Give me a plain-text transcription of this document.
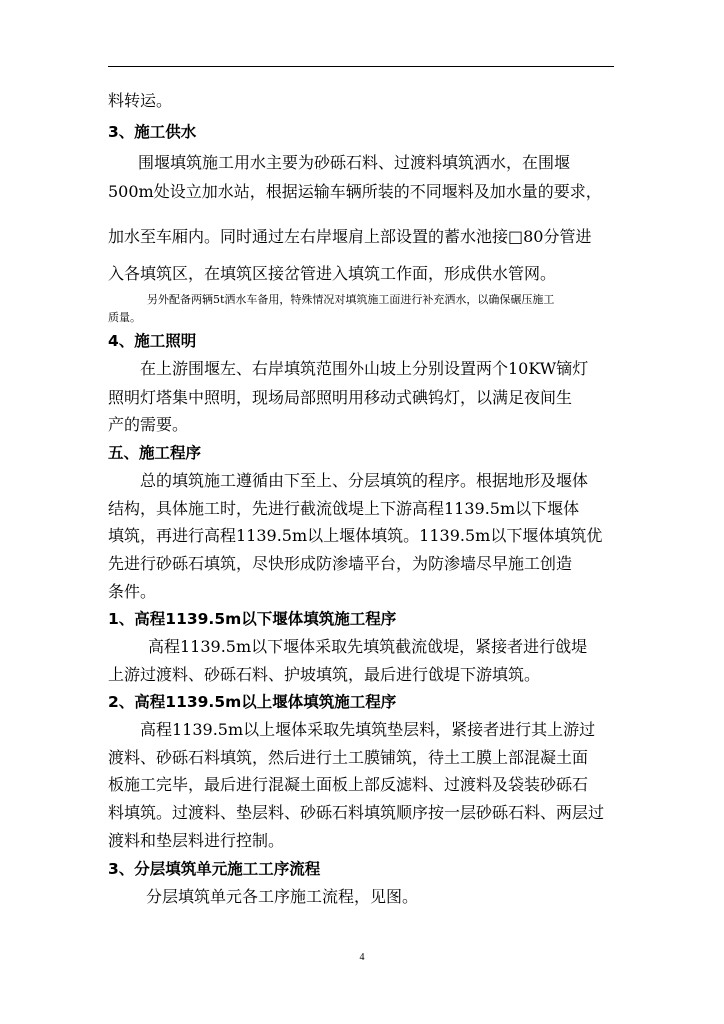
料转运。
3、施工供水
围堰填筑施工用水主要为砂砾石料、过渡料填筑洒水，在围堰
500m处设立加水站，根据运输车辆所装的不同堰料及加水量的要求，
加水至车厢内。同时通过左右岸堰肩上部设置的蓄水池接□80分管进
入各填筑区，在填筑区接岔管进入填筑工作面，形成供水管网。
另外配备两辆5t洒水车备用，特殊情况对填筑施工面进行补充洒水，以确保碾压施工
质量。
4、施工照明
在上游围堰左、右岸填筑范围外山坡上分别设置两个10KW镝灯
照明灯塔集中照明，现场局部照明用移动式碘钨灯，以满足夜间生
产的需要。
五、施工程序
总的填筑施工遵循由下至上、分层填筑的程序。根据地形及堰体
结构，具体施工时，先进行截流戗堤上下游高程1139.5m以下堰体
填筑，再进行高程1139.5m以上堰体填筑。1139.5m以下堰体填筑优
先进行砂砾石填筑，尽快形成防渗墙平台，为防渗墙尽早施工创造
条件。
1、高程1139.5m以下堰体填筑施工程序
高程1139.5m以下堰体采取先填筑截流戗堤，紧接者进行戗堤
上游过渡料、砂砾石料、护坡填筑，最后进行戗堤下游填筑。
2、高程1139.5m以上堰体填筑施工程序
高程1139.5m以上堰体采取先填筑垫层料，紧接者进行其上游过
渡料、砂砾石料填筑，然后进行土工膜铺筑，待土工膜上部混凝土面
板施工完毕，最后进行混凝土面板上部反滤料、过渡料及袋装砂砾石
料填筑。过渡料、垫层料、砂砾石料填筑顺序按一层砂砾石料、两层过
渡料和垫层料进行控制。
3、分层填筑单元施工工序流程
分层填筑单元各工序施工流程，见图。
4
